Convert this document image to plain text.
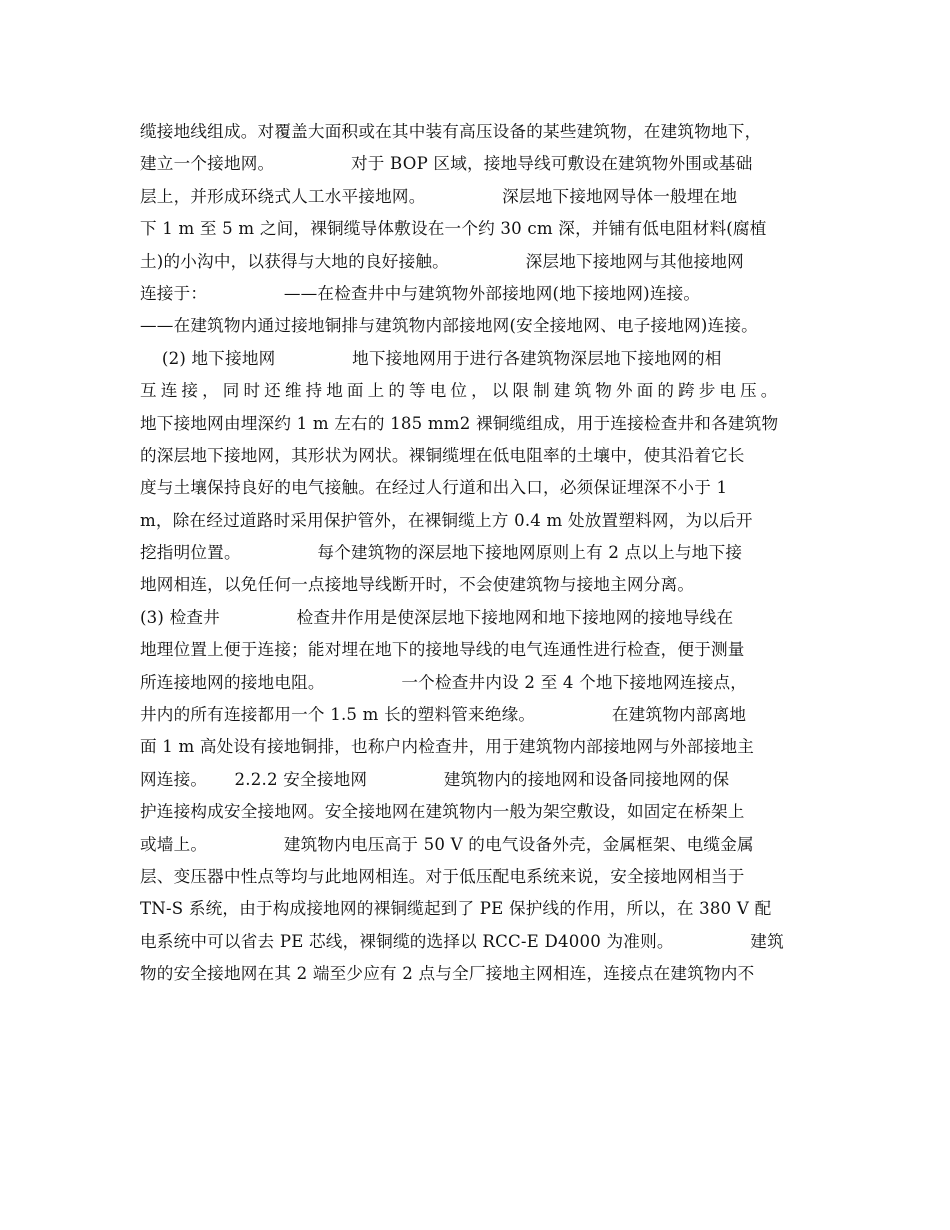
缆接地线组成。对覆盖大面积或在其中装有高压设备的某些建筑物，在建筑物地下，
建立一个接地网。              对于 BOP 区域，接地导线可敷设在建筑物外围或基础
层上，并形成环绕式人工水平接地网。              深层地下接地网导体一般埋在地
下 1 m 至 5 m 之间，裸铜缆导体敷设在一个约 30 cm 深，并铺有低电阻材料(腐植
土)的小沟中，以获得与大地的良好接触。              深层地下接地网与其他接地网
连接于：              ——在检查井中与建筑物外部接地网(地下接地网)连接。
——在建筑物内通过接地铜排与建筑物内部接地网(安全接地网、电子接地网)连接。
(2) 地下接地网              地下接地网用于进行各建筑物深层地下接地网的相
互连接，同时还维持地面上的等电位，以限制建筑物外面的跨步电压。
地下接地网由埋深约 1 m 左右的 185 mm2 裸铜缆组成，用于连接检查井和各建筑物
的深层地下接地网，其形状为网状。裸铜缆埋在低电阻率的土壤中，使其沿着它长
度与土壤保持良好的电气接触。在经过人行道和出入口，必须保证埋深不小于 1
m，除在经过道路时采用保护管外，在裸铜缆上方 0.4 m 处放置塑料网，为以后开
挖指明位置。              每个建筑物的深层地下接地网原则上有 2 点以上与地下接
地网相连，以免任何一点接地导线断开时，不会使建筑物与接地主网分离。
(3) 检查井              检查井作用是使深层地下接地网和地下接地网的接地导线在
地理位置上便于连接；能对埋在地下的接地导线的电气连通性进行检查，便于测量
所连接地网的接地电阻。              一个检查井内设 2 至 4 个地下接地网连接点，
井内的所有连接都用一个 1.5 m 长的塑料管来绝缘。              在建筑物内部离地
面 1 m 高处设有接地铜排，也称户内检查井，用于建筑物内部接地网与外部接地主
网连接。     2.2.2 安全接地网              建筑物内的接地网和设备同接地网的保
护连接构成安全接地网。安全接地网在建筑物内一般为架空敷设，如固定在桥架上
或墙上。              建筑物内电压高于 50 V 的电气设备外壳，金属框架、电缆金属
层、变压器中性点等均与此地网相连。对于低压配电系统来说，安全接地网相当于
TN-S 系统，由于构成接地网的裸铜缆起到了 PE 保护线的作用，所以，在 380 V 配
电系统中可以省去 PE 芯线，裸铜缆的选择以 RCC-E D4000 为准则。              建筑
物的安全接地网在其 2 端至少应有 2 点与全厂接地主网相连，连接点在建筑物内不
